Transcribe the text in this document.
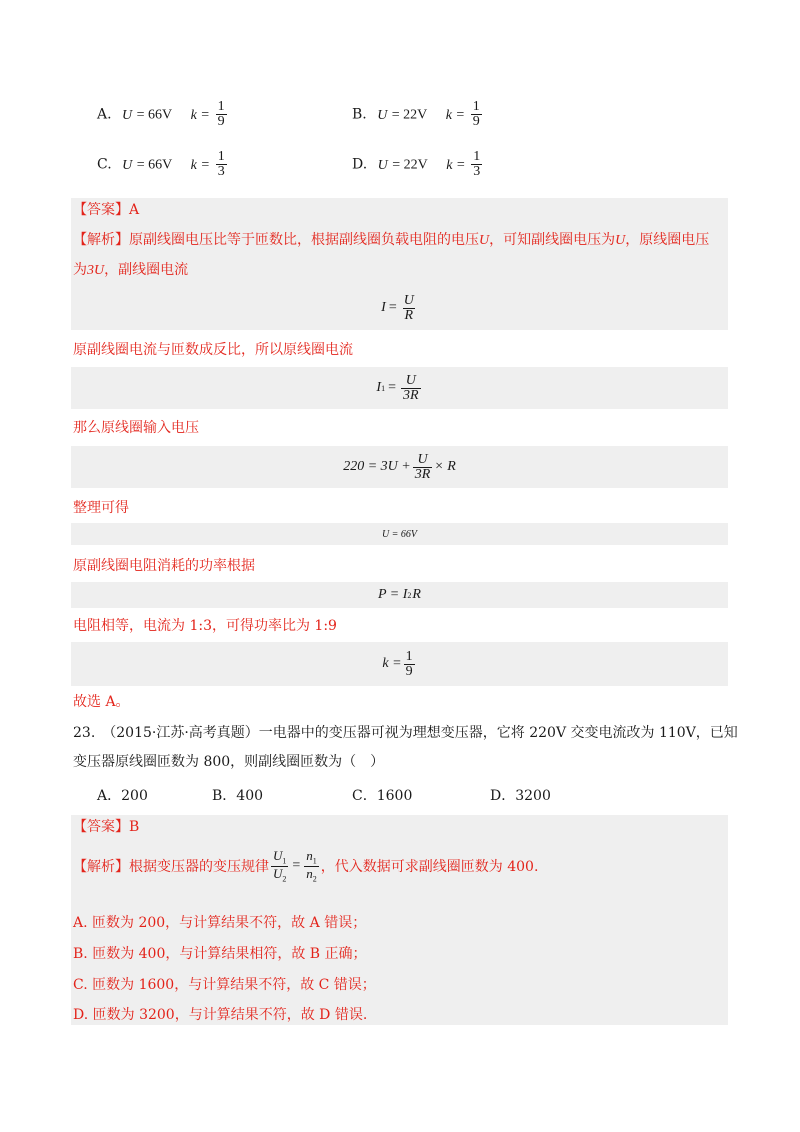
A. U = 66V $k = \frac{1}{9}$	B. U = 22V $k = \frac{1}{9}$
C. U = 66V $k = \frac{1}{3}$	D. U = 22V $k = \frac{1}{3}$
【答案】A
【解析】原副线圈电压比等于匝数比，根据副线圈负载电阻的电压U，可知副线圈电压为U，原线圈电压
为3U，副线圈电流
$I = \frac{U}{R}$
原副线圈电流与匝数成反比，所以原线圈电流
I $1 = \frac{U}{3R}$
那么原线圈输入电压
$220 = 3U + \frac{U}{3R} \times R$
整理可得
U = 66V
原副线圈电阻消耗的功率根据
P = I 2 R
电阻相等，电流为 1:3，可得功率比为 1:9
$k = \frac{1}{9}$
故选 A。
23.　（2015·江苏·高考真题）一电器中的变压器可视为理想变压器，它将 220V 交变电流改为 110V，已知
变压器原线圈匝数为 800，则副线圈匝数为（　）
A．200	B．400	C．1600	D．3200
【答案】B
【解析】 根据变压器的变压规律 $\frac{U_1}{U_2} = \frac{n_1}{n_2}$ ，代入数据可求副线圈匝数为 400.
A. 匝数为 200，与计算结果不符，故 A 错误；
B. 匝数为 400，与计算结果相符，故 B 正确；
C. 匝数为 1600，与计算结果不符，故 C 错误；
D. 匝数为 3200，与计算结果不符，故 D 错误.
